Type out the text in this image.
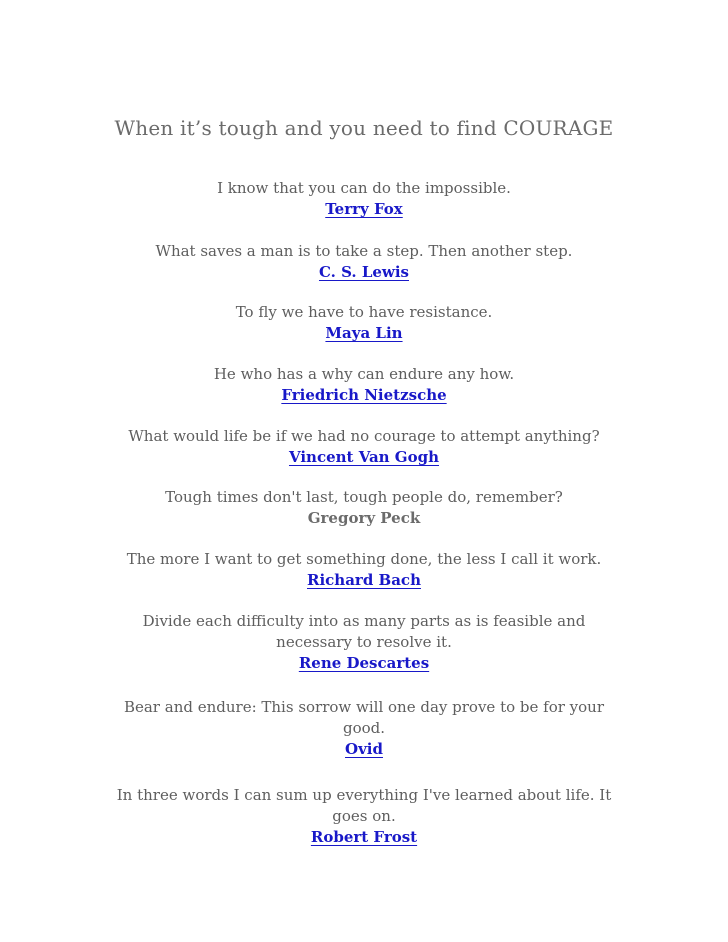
When it’s tough and you need to find COURAGE
I know that you can do the impossible.
Terry Fox
What saves a man is to take a step. Then another step.
C. S. Lewis
To fly we have to have resistance.
Maya Lin
He who has a why can endure any how.
Friedrich Nietzsche
What would life be if we had no courage to attempt anything?
Vincent Van Gogh
Tough times don't last, tough people do, remember?
Gregory Peck
The more I want to get something done, the less I call it work.
Richard Bach
Divide each difficulty into as many parts as is feasible and
necessary to resolve it.
Rene Descartes
Bear and endure: This sorrow will one day prove to be for your
good.
Ovid
In three words I can sum up everything I've learned about life. It
goes on.
Robert Frost
